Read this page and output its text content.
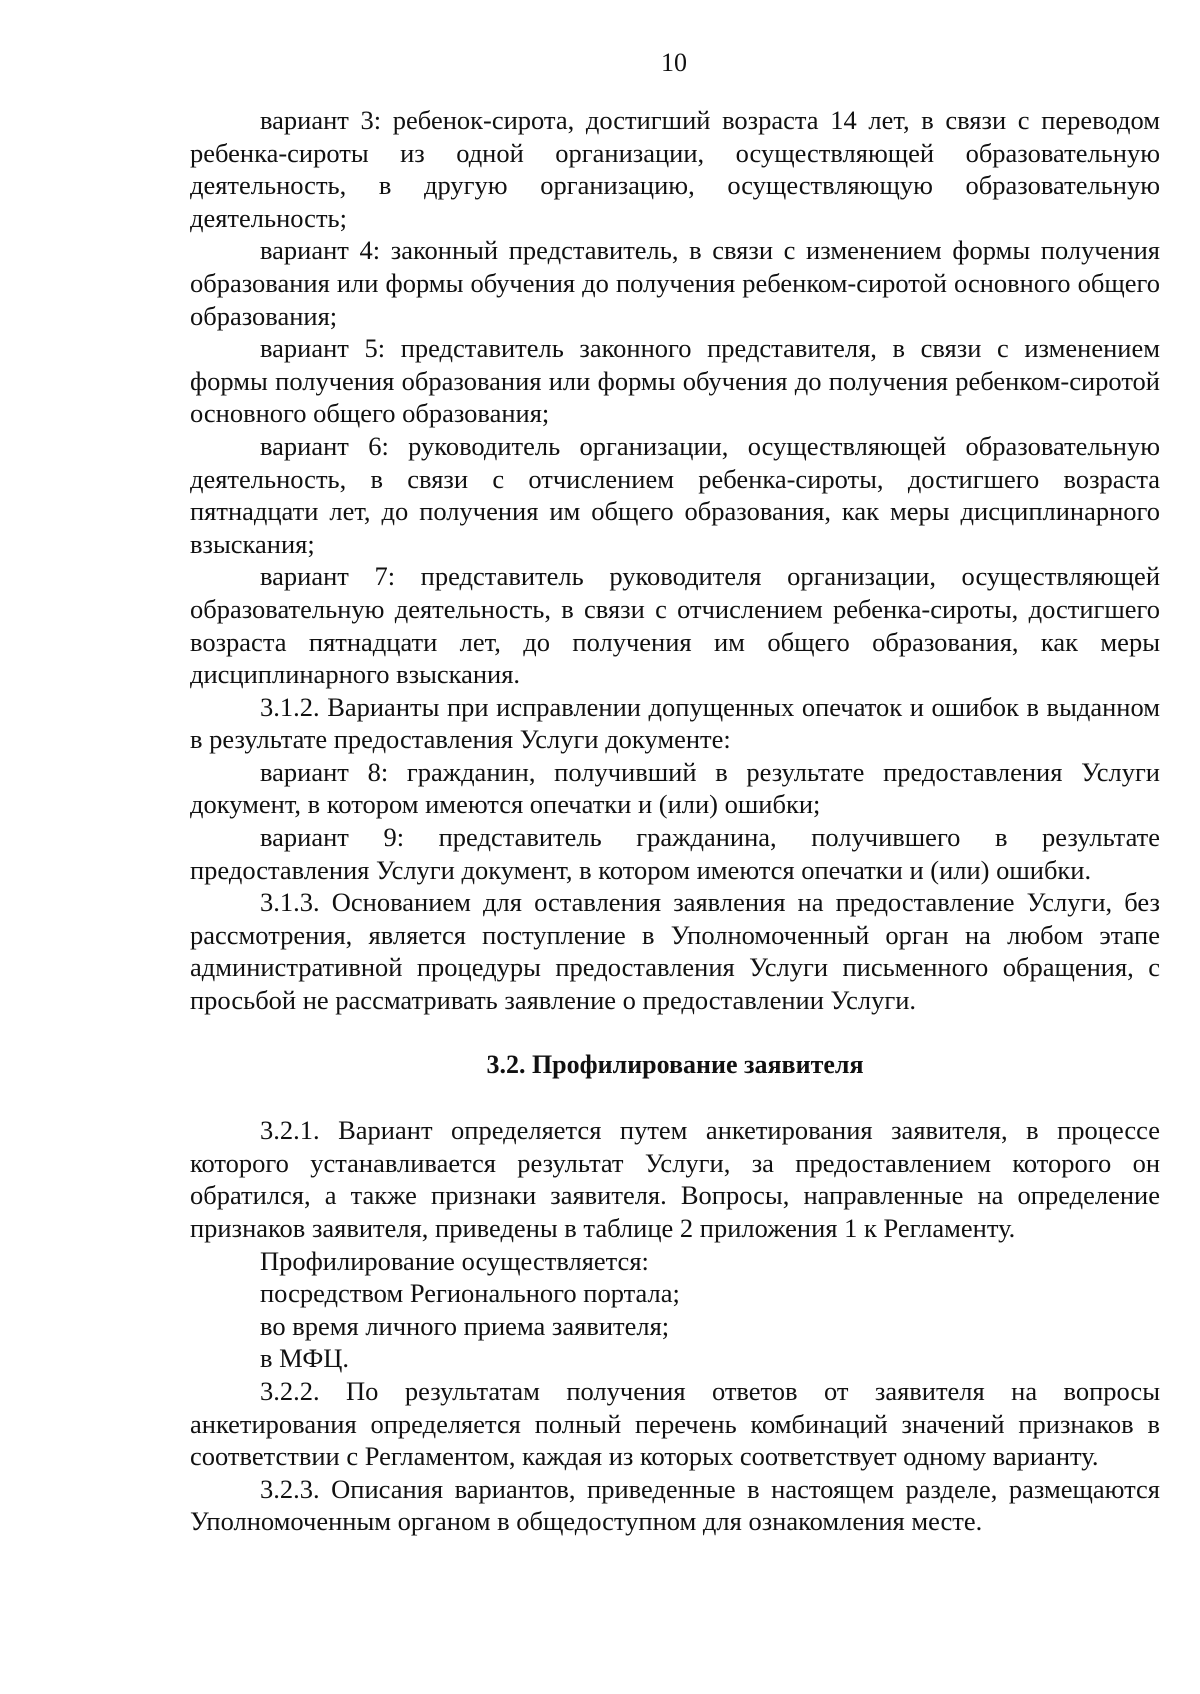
10

вариант 3: ребенок-сирота, достигший возраста 14 лет, в связи с переводом ребенка-сироты из одной организации, осуществляющей образовательную деятельность, в другую организацию, осуществляющую образовательную деятельность;

вариант 4: законный представитель, в связи с изменением формы получения образования или формы обучения до получения ребенком-сиротой основного общего образования;

вариант 5: представитель законного представителя, в связи с изменением формы получения образования или формы обучения до получения ребенком-сиротой основного общего образования;

вариант 6: руководитель организации, осуществляющей образовательную деятельность, в связи с отчислением ребенка-сироты, достигшего возраста пятнадцати лет, до получения им общего образования, как меры дисциплинарного взыскания;

вариант 7: представитель руководителя организации, осуществляющей образовательную деятельность, в связи с отчислением ребенка-сироты, достигшего возраста пятнадцати лет, до получения им общего образования, как меры дисциплинарного взыскания.

3.1.2. Варианты при исправлении допущенных опечаток и ошибок в выданном в результате предоставления Услуги документе:

вариант 8: гражданин, получивший в результате предоставления Услуги документ, в котором имеются опечатки и (или) ошибки;

вариант 9: представитель гражданина, получившего в результате предоставления Услуги документ, в котором имеются опечатки и (или) ошибки.

3.1.3. Основанием для оставления заявления на предоставление Услуги, без рассмотрения, является поступление в Уполномоченный орган на любом этапе административной процедуры предоставления Услуги письменного обращения, с просьбой не рассматривать заявление о предоставлении Услуги.

3.2. Профилирование заявителя

3.2.1. Вариант определяется путем анкетирования заявителя, в процессе которого устанавливается результат Услуги, за предоставлением которого он обратился, а также признаки заявителя. Вопросы, направленные на определение признаков заявителя, приведены в таблице 2 приложения 1 к Регламенту.

Профилирование осуществляется:

посредством Регионального портала;

во время личного приема заявителя;

в МФЦ.

3.2.2. По результатам получения ответов от заявителя на вопросы анкетирования определяется полный перечень комбинаций значений признаков в соответствии с Регламентом, каждая из которых соответствует одному варианту.

3.2.3. Описания вариантов, приведенные в настоящем разделе, размещаются Уполномоченным органом в общедоступном для ознакомления месте.
